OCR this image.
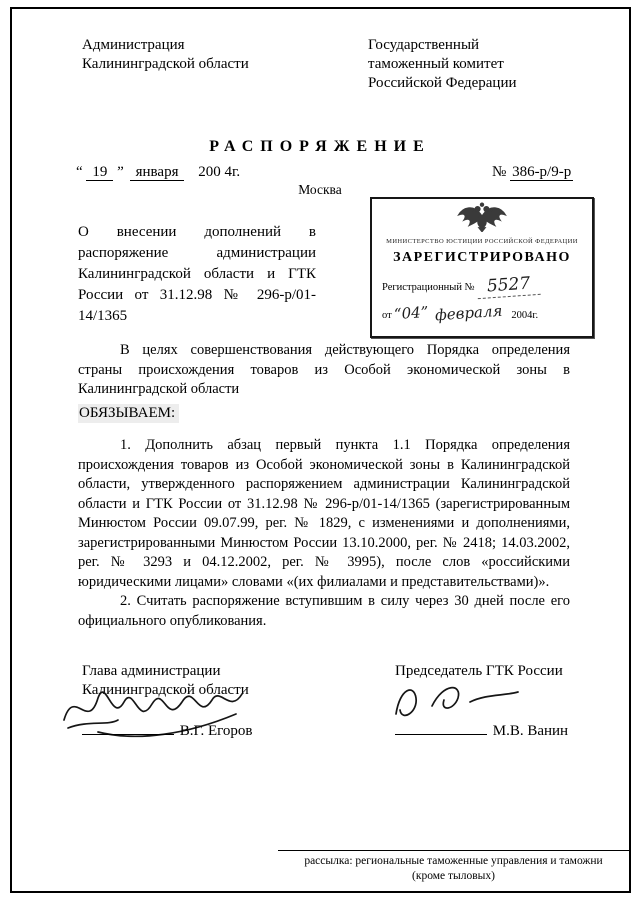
Администрация
Калининградской области
Государственный
таможенный комитет
Российской Федерации
РАСПОРЯЖЕНИЕ
“ 19 ” января 200 4г.	№ 386-р/9-р
Москва
О внесении дополнений в распоряжение администрации Калининградской области и ГТК России от 31.12.98 № 296-р/01-14/1365
МИНИСТЕРСТВО ЮСТИЦИИ РОССИЙСКОЙ ФЕДЕРАЦИИ
ЗАРЕГИСТРИРОВАНО
Регистрационный № 5527
от “04” февраля 2004г.
В целях совершенствования действующего Порядка определения страны происхождения товаров из Особой экономической зоны в Калининградской области
ОБЯЗЫВАЕМ:
1. Дополнить абзац первый пункта 1.1 Порядка определения происхождения товаров из Особой экономической зоны в Калининградской области, утвержденного распоряжением администрации Калининградской области и ГТК России от 31.12.98 № 296-р/01-14/1365 (зарегистрированным Минюстом России 09.07.99, рег. № 1829, с изменениями и дополнениями, зарегистрированными Минюстом России 13.10.2000, рег. № 2418; 14.03.2002, рег. № 3293 и 04.12.2002, рег. № 3995), после слов «российскими юридическими лицами» словами «(их филиалами и представительствами)».
2. Считать распоряжение вступившим в силу через 30 дней после его официального опубликования.
Глава администрации
Калининградской области
Председатель ГТК России
В.Г. Егоров	М.В. Ванин
рассылка: региональные таможенные управления и таможни
(кроме тыловых)
